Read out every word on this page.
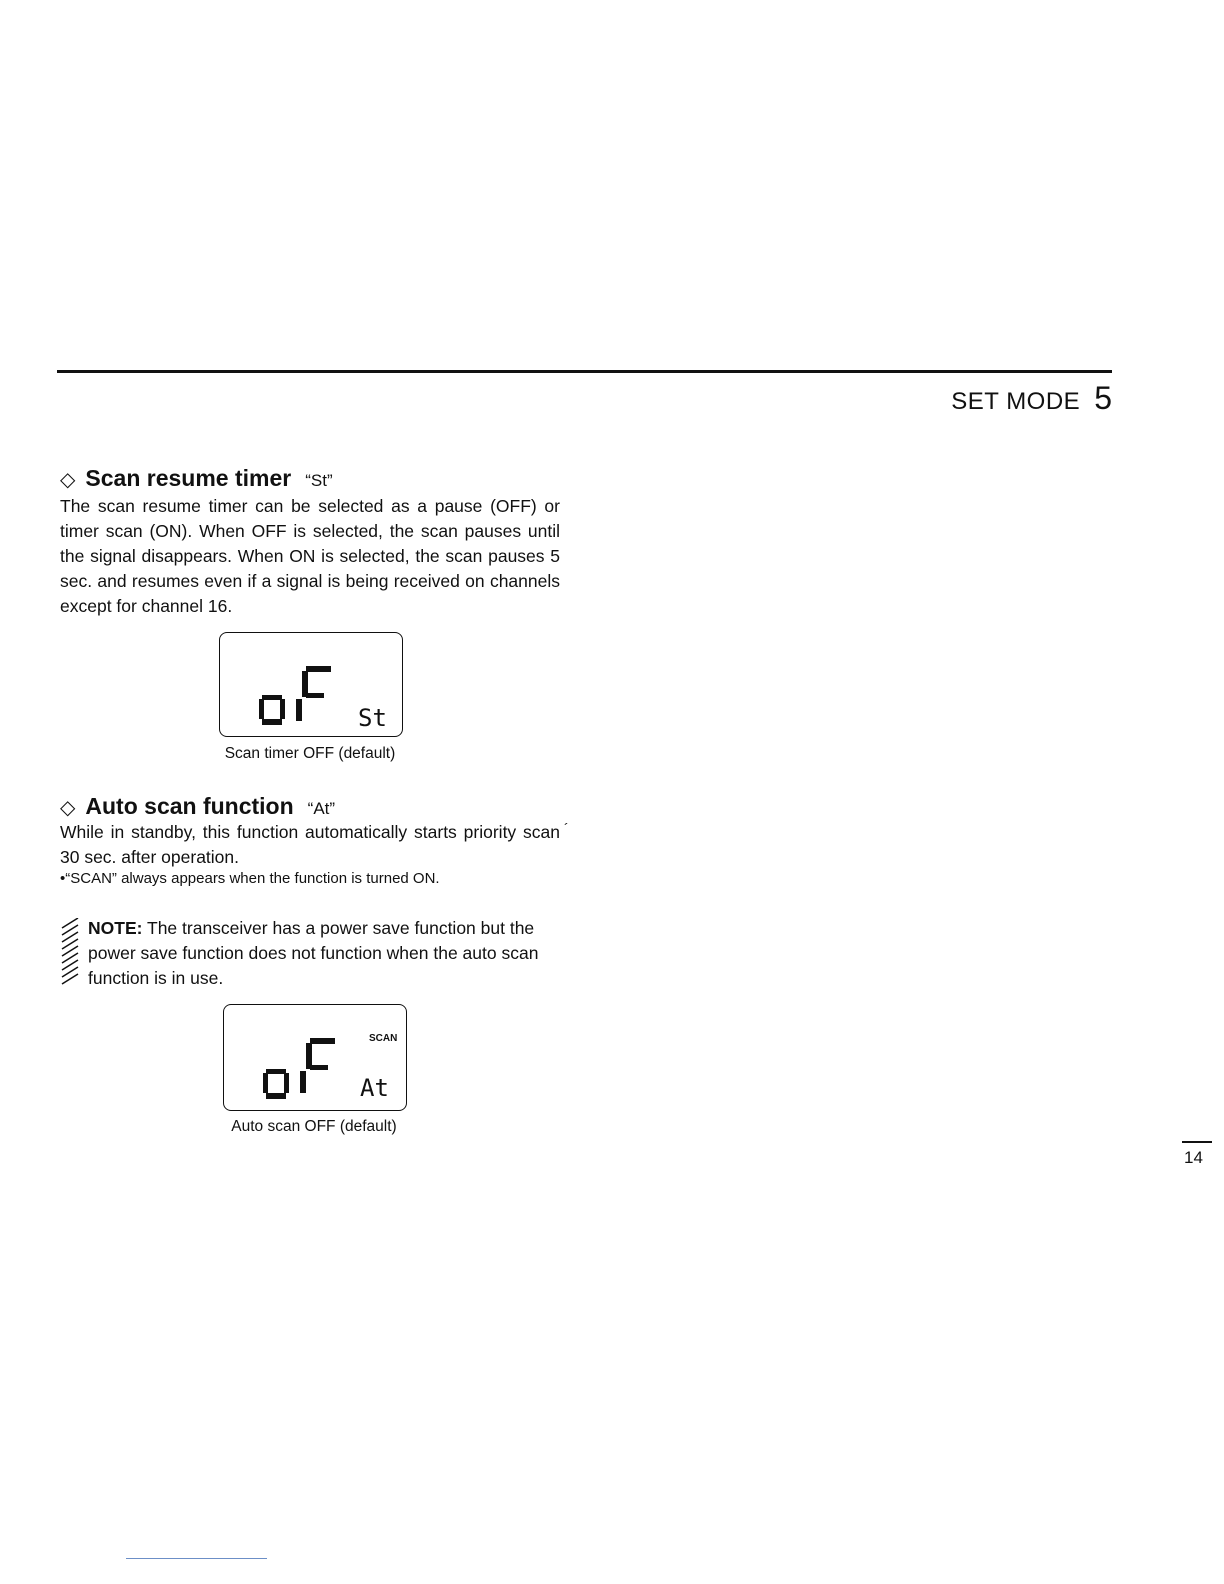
SET MODE 5
◇ Scan resume timer “St”
The scan resume timer can be selected as a pause (OFF) or timer scan (ON). When OFF is selected, the scan pauses until the signal disappears. When ON is selected, the scan pauses 5 sec. and resumes even if a signal is being received on channels except for channel 16.
St
Scan timer OFF (default)
◇ Auto scan function “At”
While in standby, this function automatically starts priority scan 30 sec. after operation.
•“SCAN” always appears when the function is turned ON.
´
NOTE: The transceiver has a power save function but the power save function does not function when the auto scan function is in use.
SCAN
At
Auto scan OFF (default)
14
